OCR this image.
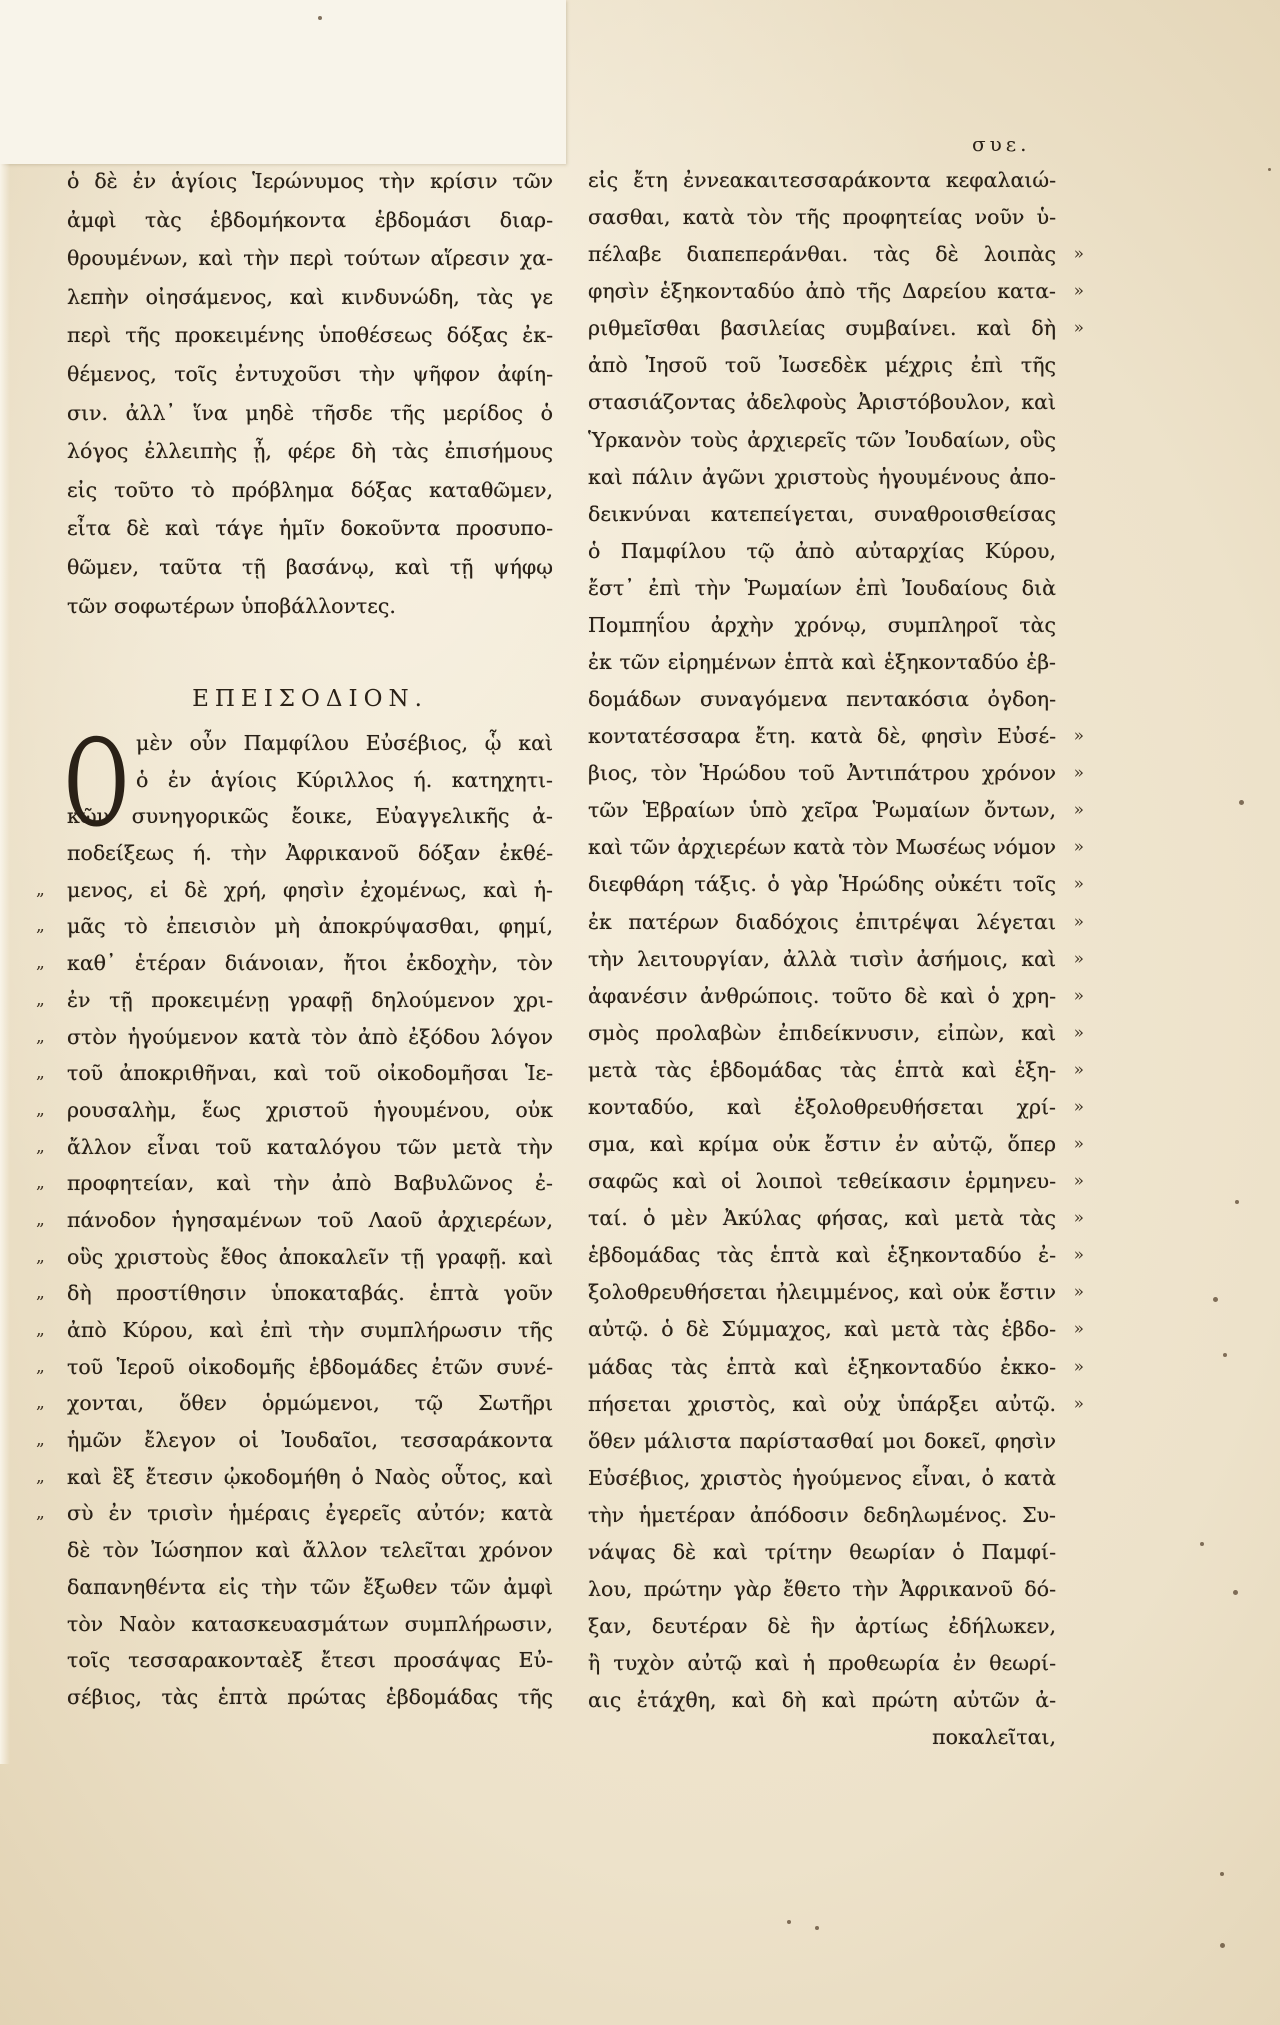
συε.
ὁ δὲ ἐν ἁγίοις Ἱερώνυμος τὴν κρίσιν τῶν
ἀμφὶ τὰς ἑβδομήκοντα ἑβδομάσι διαρ-
θρουμένων, καὶ τὴν περὶ τούτων αἵρεσιν χα-
λεπὴν οἰησάμενος, καὶ κινδυνώδη, τὰς γε
περὶ τῆς προκειμένης ὑποθέσεως δόξας ἐκ-
θέμενος, τοῖς ἐντυχοῦσι τὴν ψῆφον ἀφίη-
σιν. ἀλλ᾽ ἵνα μηδὲ τῆσδε τῆς μερίδος ὁ
λόγος ἐλλειπὴς ᾖ, φέρε δὴ τὰς ἐπισήμους
εἰς τοῦτο τὸ πρόβλημα δόξας καταθῶμεν,
εἶτα δὲ καὶ τάγε ἡμῖν δοκοῦντα προσυπο-
θῶμεν, ταῦτα τῇ βασάνῳ, καὶ τῇ ψήφῳ
τῶν σοφωτέρων ὑποβάλλοντες.
ΕΠΕΙΣΟΔΙΟΝ.
Ο μὲν οὖν Παμφίλου Εὐσέβιος, ᾧ καὶ
ὁ ἐν ἁγίοις Κύριλλος ή. κατηχητι-
κῶν συνηγορικῶς ἔοικε, Εὐαγγελικῆς ἀ-
ποδείξεως ή. τὴν Ἀφρικανοῦ δόξαν ἐκθέ-
„ μενος, εἰ δὲ χρή, φησὶν ἐχομένως, καὶ ἡ-
„ μᾶς τὸ ἐπεισιὸν μὴ ἀποκρύψασθαι, φημί,
„ καθ᾽ ἑτέραν διάνοιαν, ἤτοι ἐκδοχὴν, τὸν
„ ἐν τῇ προκειμένῃ γραφῇ δηλούμενον χρι-
„ στὸν ἡγούμενον κατὰ τὸν ἀπὸ ἐξόδου λόγον
„ τοῦ ἀποκριθῆναι, καὶ τοῦ οἰκοδομῆσαι Ἱε-
„ ρουσαλὴμ, ἕως χριστοῦ ἡγουμένου, οὐκ
„ ἄλλον εἶναι τοῦ καταλόγου τῶν μετὰ τὴν
„ προφητείαν, καὶ τὴν ἀπὸ Βαβυλῶνος ἐ-
„ πάνοδον ἡγησαμένων τοῦ Λαοῦ ἀρχιερέων,
„ οὓς χριστοὺς ἔθος ἀποκαλεῖν τῇ γραφῇ. καὶ
„ δὴ προστίθησιν ὑποκαταβάς. ἑπτὰ γοῦν
„ ἀπὸ Κύρου, καὶ ἐπὶ τὴν συμπλήρωσιν τῆς
„ τοῦ Ἱεροῦ οἰκοδομῆς ἑβδομάδες ἐτῶν συνέ-
„ χονται, ὅθεν ὁρμώμενοι, τῷ Σωτῆρι
„ ἡμῶν ἔλεγον οἱ Ἰουδαῖοι, τεσσαράκοντα
„ καὶ ἓξ ἔτεσιν ᾠκοδομήθη ὁ Ναὸς οὗτος, καὶ
„ σὺ ἐν τρισὶν ἡμέραις ἐγερεῖς αὐτόν; κατὰ
δὲ τὸν Ἰώσηπον καὶ ἄλλον τελεῖται χρόνον
δαπανηθέντα εἰς τὴν τῶν ἔξωθεν τῶν ἀμφὶ
τὸν Ναὸν κατασκευασμάτων συμπλήρωσιν,
τοῖς τεσσαρακονταὲξ ἔτεσι προσάψας Εὐ-
σέβιος, τὰς ἑπτὰ πρώτας ἑβδομάδας τῆς
εἰς ἔτη ἐννεακαιτεσσαράκοντα κεφαλαιώ-
σασθαι, κατὰ τὸν τῆς προφητείας νοῦν ὑ-
»
πέλαβε διαπεπεράνθαι. τὰς δὲ λοιπὰς
»
φησὶν ἑξηκονταδύο ἀπὸ τῆς Δαρείου κατα-
»
ριθμεῖσθαι βασιλείας συμβαίνει. καὶ δὴ
ἀπὸ Ἰησοῦ τοῦ Ἰωσεδὲκ μέχρις ἐπὶ τῆς
στασιάζοντας ἀδελφοὺς Ἀριστόβουλον, καὶ
Ὑρκανὸν τοὺς ἀρχιερεῖς τῶν Ἰουδαίων, οὓς
καὶ πάλιν ἀγῶνι χριστοὺς ἡγουμένους ἀπο-
δεικνύναι κατεπείγεται, συναθροισθείσας
ὁ Παμφίλου τῷ ἀπὸ αὐταρχίας Κύρου,
ἔστ᾽ ἐπὶ τὴν Ῥωμαίων ἐπὶ Ἰουδαίους διὰ
Πομπηΐου ἀρχὴν χρόνῳ, συμπληροῖ τὰς
ἐκ τῶν εἰρημένων ἑπτὰ καὶ ἑξηκονταδύο ἑβ-
δομάδων συναγόμενα πεντακόσια ὀγδοη-
»
κοντατέσσαρα ἔτη. κατὰ δὲ, φησὶν Εὐσέ-
»
βιος, τὸν Ἡρώδου τοῦ Ἀντιπάτρου χρόνον
»
τῶν Ἑβραίων ὑπὸ χεῖρα Ῥωμαίων ὄντων,
»
καὶ τῶν ἀρχιερέων κατὰ τὸν Μωσέως νόμον
»
διεφθάρη τάξις. ὁ γὰρ Ἡρώδης οὐκέτι τοῖς
»
ἐκ πατέρων διαδόχοις ἐπιτρέψαι λέγεται
»
τὴν λειτουργίαν, ἀλλὰ τισὶν ἀσήμοις, καὶ
»
ἀφανέσιν ἀνθρώποις. τοῦτο δὲ καὶ ὁ χρη-
»
σμὸς προλαβὼν ἐπιδείκνυσιν, εἰπὼν, καὶ
»
μετὰ τὰς ἑβδομάδας τὰς ἑπτὰ καὶ ἑξη-
»
κονταδύο, καὶ ἐξολοθρευθήσεται χρί-
»
σμα, καὶ κρίμα οὐκ ἔστιν ἐν αὐτῷ, ὅπερ
»
σαφῶς καὶ οἱ λοιποὶ τεθείκασιν ἑρμηνευ-
»
ταί. ὁ μὲν Ἀκύλας φήσας, καὶ μετὰ τὰς
»
ἑβδομάδας τὰς ἑπτὰ καὶ ἑξηκονταδύο ἐ-
»
ξολοθρευθήσεται ἠλειμμένος, καὶ οὐκ ἔστιν
»
αὐτῷ. ὁ δὲ Σύμμαχος, καὶ μετὰ τὰς ἑβδο-
»
μάδας τὰς ἑπτὰ καὶ ἑξηκονταδύο ἐκκο-
»
πήσεται χριστὸς, καὶ οὐχ ὑπάρξει αὐτῷ.
ὅθεν μάλιστα παρίστασθαί μοι δοκεῖ, φησὶν
Εὐσέβιος, χριστὸς ἡγούμενος εἶναι, ὁ κατὰ
τὴν ἡμετέραν ἀπόδοσιν δεδηλωμένος. Συ-
νάψας δὲ καὶ τρίτην θεωρίαν ὁ Παμφί-
λου, πρώτην γὰρ ἔθετο τὴν Ἀφρικανοῦ δό-
ξαν, δευτέραν δὲ ἣν ἀρτίως ἐδήλωκεν,
ἢ τυχὸν αὐτῷ καὶ ἡ προθεωρία ἐν θεωρί-
αις ἐτάχθη, καὶ δὴ καὶ πρώτη αὐτῶν ἀ-
ποκαλεῖται,
